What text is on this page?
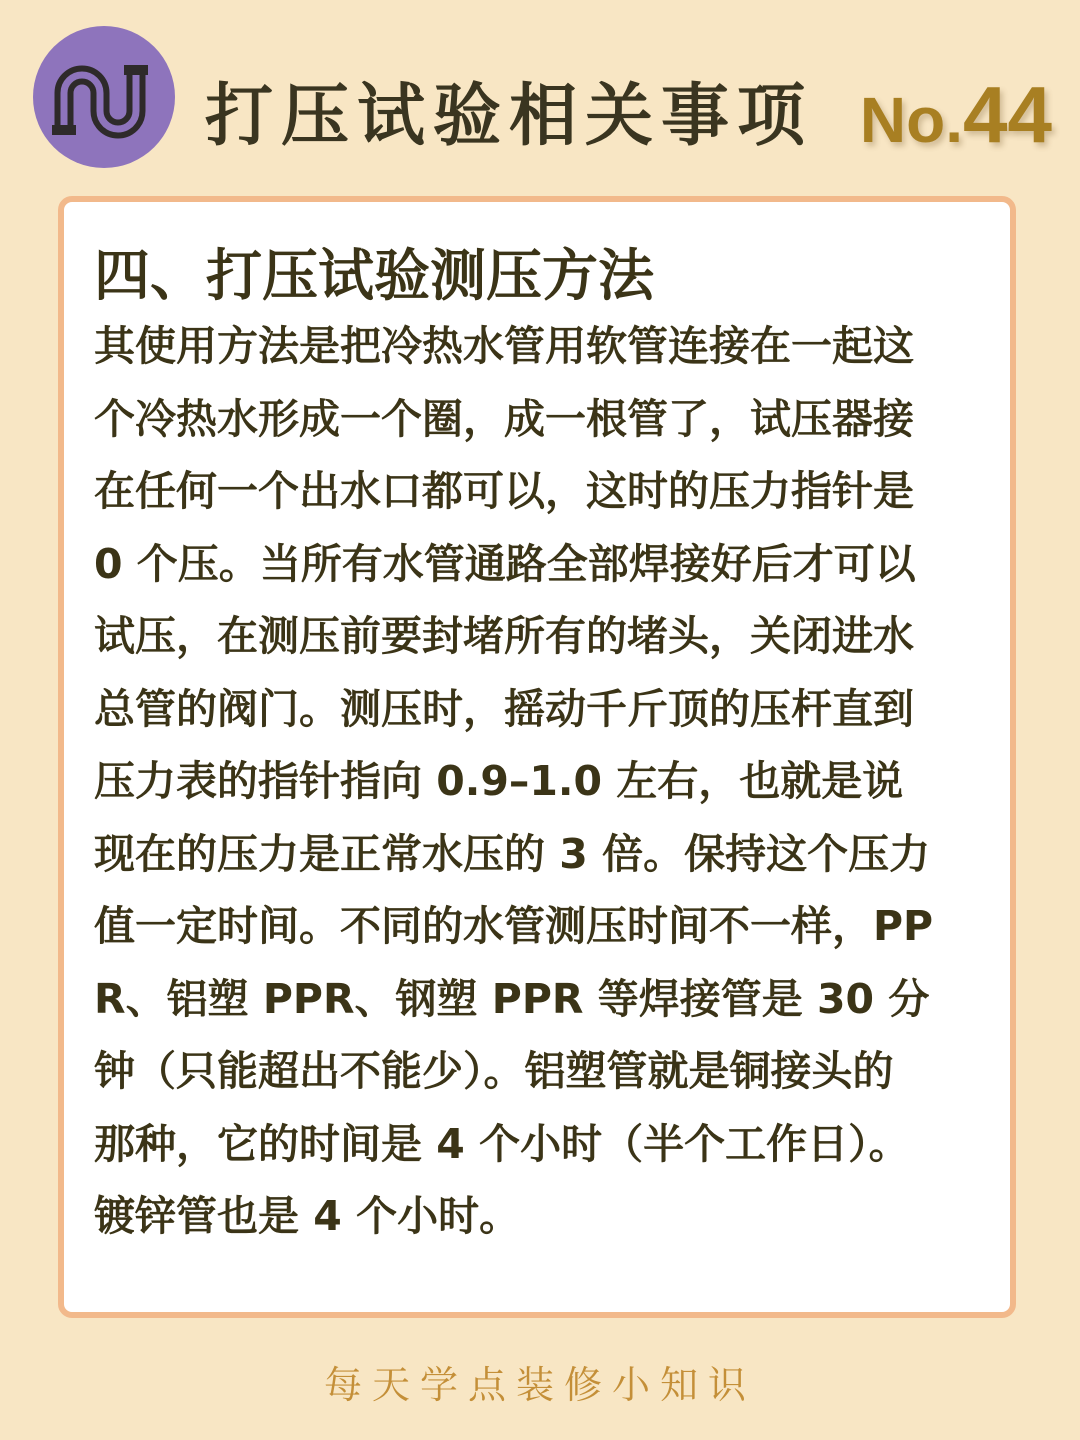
打压试验相关事项 No.44
四、打压试验测压方法
其使用方法是把冷热水管用软管连接在一起这
个冷热水形成一个圈，成一根管了，试压器接
在任何一个出水口都可以，这时的压力指针是
0 个压。当所有水管通路全部焊接好后才可以
试压，在测压前要封堵所有的堵头，关闭进水
总管的阀门。测压时，摇动千斤顶的压杆直到
压力表的指针指向 0.9–1.0 左右，也就是说
现在的压力是正常水压的 3 倍。保持这个压力
值一定时间。不同的水管测压时间不一样，PP
R、铝塑 PPR、钢塑 PPR 等焊接管是 30 分
钟（只能超出不能少）。铝塑管就是铜接头的
那种，它的时间是 4 个小时（半个工作日）。
镀锌管也是 4 个小时。
每天学点装修小知识
